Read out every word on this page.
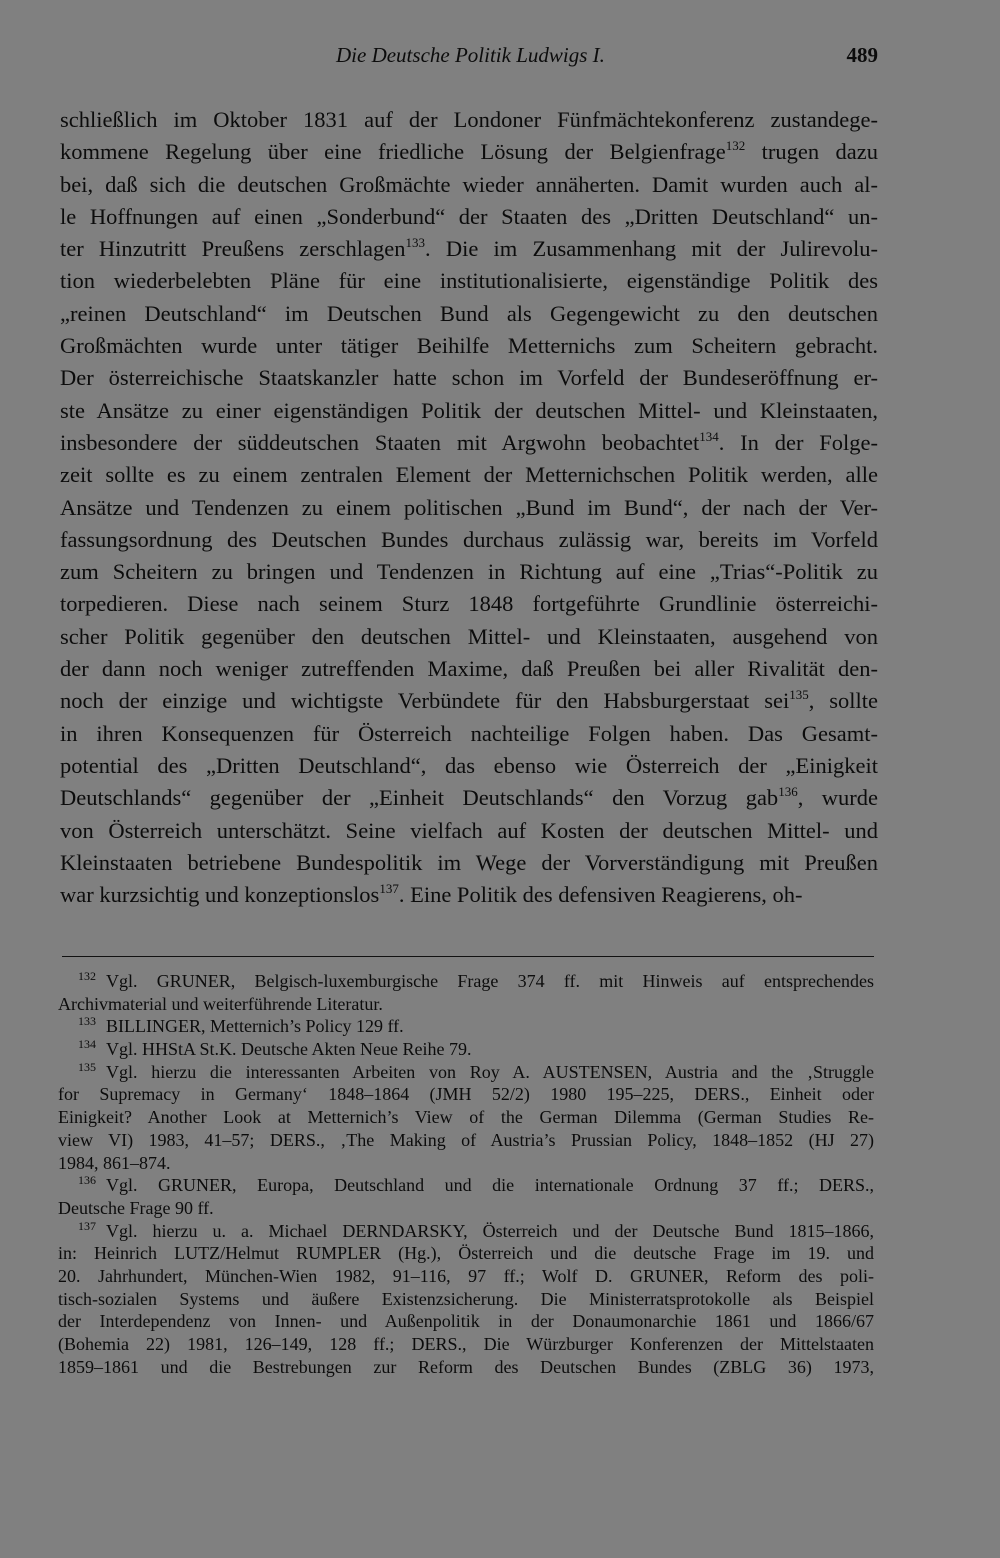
Die Deutsche Politik Ludwigs I.	489
schließlich im Oktober 1831 auf der Londoner Fünfmächtekonferenz zustandege-
kommene Regelung über eine friedliche Lösung der Belgienfrage$^{132}$ trugen dazu
bei, daß sich die deutschen Großmächte wieder annäherten. Damit wurden auch al-
le Hoffnungen auf einen „Sonderbund“ der Staaten des „Dritten Deutschland“ un-
ter Hinzutritt Preußens zerschlagen$^{133}$. Die im Zusammenhang mit der Julirevolu-
tion wiederbelebten Pläne für eine institutionalisierte, eigenständige Politik des
„reinen Deutschland“ im Deutschen Bund als Gegengewicht zu den deutschen
Großmächten wurde unter tätiger Beihilfe Metternichs zum Scheitern gebracht.
Der österreichische Staatskanzler hatte schon im Vorfeld der Bundeseröffnung er-
ste Ansätze zu einer eigenständigen Politik der deutschen Mittel- und Kleinstaaten,
insbesondere der süddeutschen Staaten mit Argwohn beobachtet$^{134}$. In der Folge-
zeit sollte es zu einem zentralen Element der Metternichschen Politik werden, alle
Ansätze und Tendenzen zu einem politischen „Bund im Bund“, der nach der Ver-
fassungsordnung des Deutschen Bundes durchaus zulässig war, bereits im Vorfeld
zum Scheitern zu bringen und Tendenzen in Richtung auf eine „Trias“-Politik zu
torpedieren. Diese nach seinem Sturz 1848 fortgeführte Grundlinie österreichi-
scher Politik gegenüber den deutschen Mittel- und Kleinstaaten, ausgehend von
der dann noch weniger zutreffenden Maxime, daß Preußen bei aller Rivalität den-
noch der einzige und wichtigste Verbündete für den Habsburgerstaat sei$^{135}$, sollte
in ihren Konsequenzen für Österreich nachteilige Folgen haben. Das Gesamt-
potential des „Dritten Deutschland“, das ebenso wie Österreich der „Einigkeit
Deutschlands“ gegenüber der „Einheit Deutschlands“ den Vorzug gab$^{136}$, wurde
von Österreich unterschätzt. Seine vielfach auf Kosten der deutschen Mittel- und
Kleinstaaten betriebene Bundespolitik im Wege der Vorverständigung mit Preußen
war kurzsichtig und konzeptionslos$^{137}$. Eine Politik des defensiven Reagierens, oh-
$^{132}$ Vgl. GRUNER, Belgisch-luxemburgische Frage 374 ff. mit Hinweis auf entsprechendes
Archivmaterial und weiterführende Literatur.
$^{133}$ BILLINGER, Metternich’s Policy 129 ff.
$^{134}$ Vgl. HHStA St.K. Deutsche Akten Neue Reihe 79.
$^{135}$ Vgl. hierzu die interessanten Arbeiten von Roy A. AUSTENSEN, Austria and the ‚Struggle
for Supremacy in Germany‘ 1848–1864 (JMH 52/2) 1980 195–225, DERS., Einheit oder
Einigkeit? Another Look at Metternich’s View of the German Dilemma (German Studies Re-
view VI) 1983, 41–57; DERS., ‚The Making of Austria’s Prussian Policy, 1848–1852 (HJ 27)
1984, 861–874.
$^{136}$ Vgl. GRUNER, Europa, Deutschland und die internationale Ordnung 37 ff.; DERS.,
Deutsche Frage 90 ff.
$^{137}$ Vgl. hierzu u. a. Michael DERNDARSKY, Österreich und der Deutsche Bund 1815–1866,
in: Heinrich LUTZ/Helmut RUMPLER (Hg.), Österreich und die deutsche Frage im 19. und
20. Jahrhundert, München-Wien 1982, 91–116, 97 ff.; Wolf D. GRUNER, Reform des poli-
tisch-sozialen Systems und äußere Existenzsicherung. Die Ministerratsprotokolle als Beispiel
der Interdependenz von Innen- und Außenpolitik in der Donaumonarchie 1861 und 1866/67
(Bohemia 22) 1981, 126–149, 128 ff.; DERS., Die Würzburger Konferenzen der Mittelstaaten
1859–1861 und die Bestrebungen zur Reform des Deutschen Bundes (ZBLG 36) 1973,
